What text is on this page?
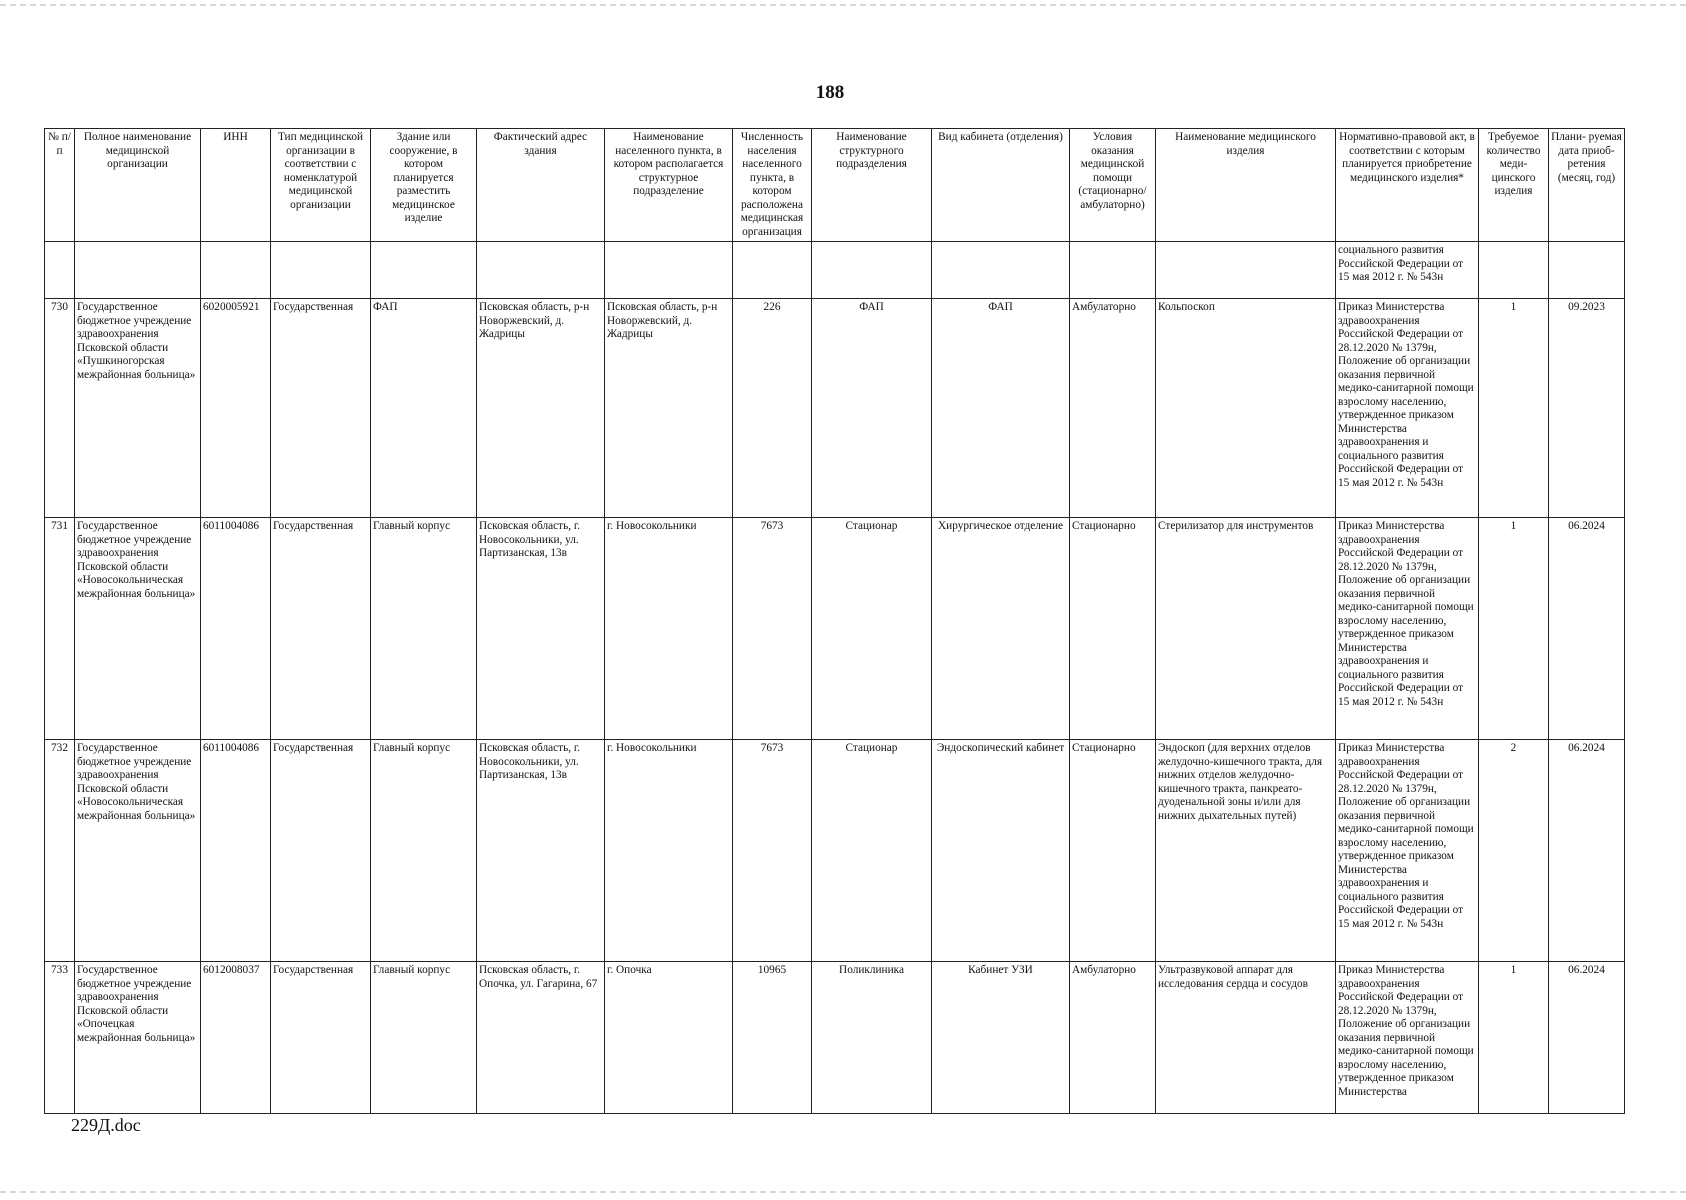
188
№ п/п	Полное наименование медицинской организации	ИНН	Тип медицинской организации в соответствии с номенклатурой медицинской организации	Здание или сооружение, в котором планируется разместить медицинское изделие	Фактический адрес здания	Наименование населенного пункта, в котором располагается структурное подразделение	Численность населения населенного пункта, в котором расположена медицинская организация	Наименование структурного подразделения	Вид кабинета (отделения)	Условия оказания медицинской помощи (стационарно/ амбулаторно)	Наименование медицинского изделия	Нормативно-правовой акт, в соответствии с которым планируется приобретение медицинского изделия*	Требуемое количество меди- цинского изделия	Плани- руемая дата приоб- ретения (месяц, год)
												социального развития Российской Федерации от 15 мая 2012 г. № 543н		
730	Государственное бюджетное учреждение здравоохранения Псковской области «Пушкиногорская межрайонная больница»	6020005921	Государственная	ФАП	Псковская область, р-н Новоржевский, д. Жадрицы	Псковская область, р-н Новоржевский, д. Жадрицы	226	ФАП	ФАП	Амбулаторно	Кольпоскоп	Приказ Министерства здравоохранения Российской Федерации от 28.12.2020 № 1379н, Положение об организации оказания первичной медико-санитарной помощи взрослому населению, утвержденное приказом Министерства здравоохранения и социального развития Российской Федерации от 15 мая 2012 г. № 543н	1	09.2023
731	Государственное бюджетное учреждение здравоохранения Псковской области «Новосокольническая межрайонная больница»	6011004086	Государственная	Главный корпус	Псковская область, г. Новосокольники, ул. Партизанская, 13в	г. Новосокольники	7673	Стационар	Хирургическое отделение	Стационарно	Стерилизатор для инструментов	Приказ Министерства здравоохранения Российской Федерации от 28.12.2020 № 1379н, Положение об организации оказания первичной медико-санитарной помощи взрослому населению, утвержденное приказом Министерства здравоохранения и социального развития Российской Федерации от 15 мая 2012 г. № 543н	1	06.2024
732	Государственное бюджетное учреждение здравоохранения Псковской области «Новосокольническая межрайонная больница»	6011004086	Государственная	Главный корпус	Псковская область, г. Новосокольники, ул. Партизанская, 13в	г. Новосокольники	7673	Стационар	Эндоскопический кабинет	Стационарно	Эндоскоп (для верхних отделов желудочно-кишечного тракта, для нижних отделов желудочно-кишечного тракта, панкреато-дуоденальной зоны и/или для нижних дыхательных путей)	Приказ Министерства здравоохранения Российской Федерации от 28.12.2020 № 1379н, Положение об организации оказания первичной медико-санитарной помощи взрослому населению, утвержденное приказом Министерства здравоохранения и социального развития Российской Федерации от 15 мая 2012 г. № 543н	2	06.2024
733	Государственное бюджетное учреждение здравоохранения Псковской области «Опочецкая межрайонная больница»	6012008037	Государственная	Главный корпус	Псковская область, г. Опочка, ул. Гагарина, 67	г. Опочка	10965	Поликлиника	Кабинет УЗИ	Амбулаторно	Ультразвуковой аппарат для исследования сердца и сосудов	Приказ Министерства здравоохранения Российской Федерации от 28.12.2020 № 1379н, Положение об организации оказания первичной медико-санитарной помощи взрослому населению, утвержденное приказом Министерства	1	06.2024
229Д.doc
